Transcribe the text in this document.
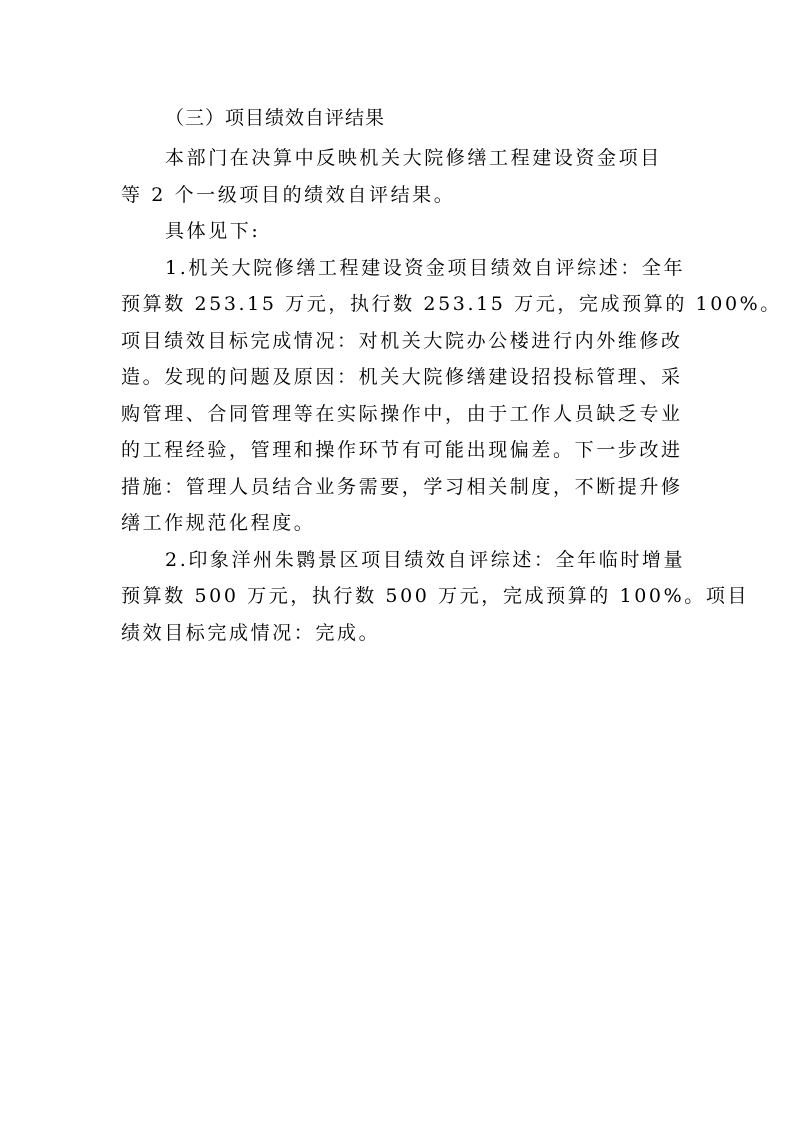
（三）项目绩效自评结果
本部门在决算中反映机关大院修缮工程建设资金项目
等 2 个一级项目的绩效自评结果。
具体见下:
1.机关大院修缮工程建设资金项目绩效自评综述：全年
预算数 253.15 万元，执行数 253.15 万元，完成预算的 100%。
项目绩效目标完成情况：对机关大院办公楼进行内外维修改
造。发现的问题及原因：机关大院修缮建设招投标管理、采
购管理、合同管理等在实际操作中，由于工作人员缺乏专业
的工程经验，管理和操作环节有可能出现偏差。下一步改进
措施：管理人员结合业务需要，学习相关制度，不断提升修
缮工作规范化程度。
2.印象洋州朱鹮景区项目绩效自评综述：全年临时增量
预算数 500 万元，执行数 500 万元，完成预算的 100%。项目
绩效目标完成情况：完成。
